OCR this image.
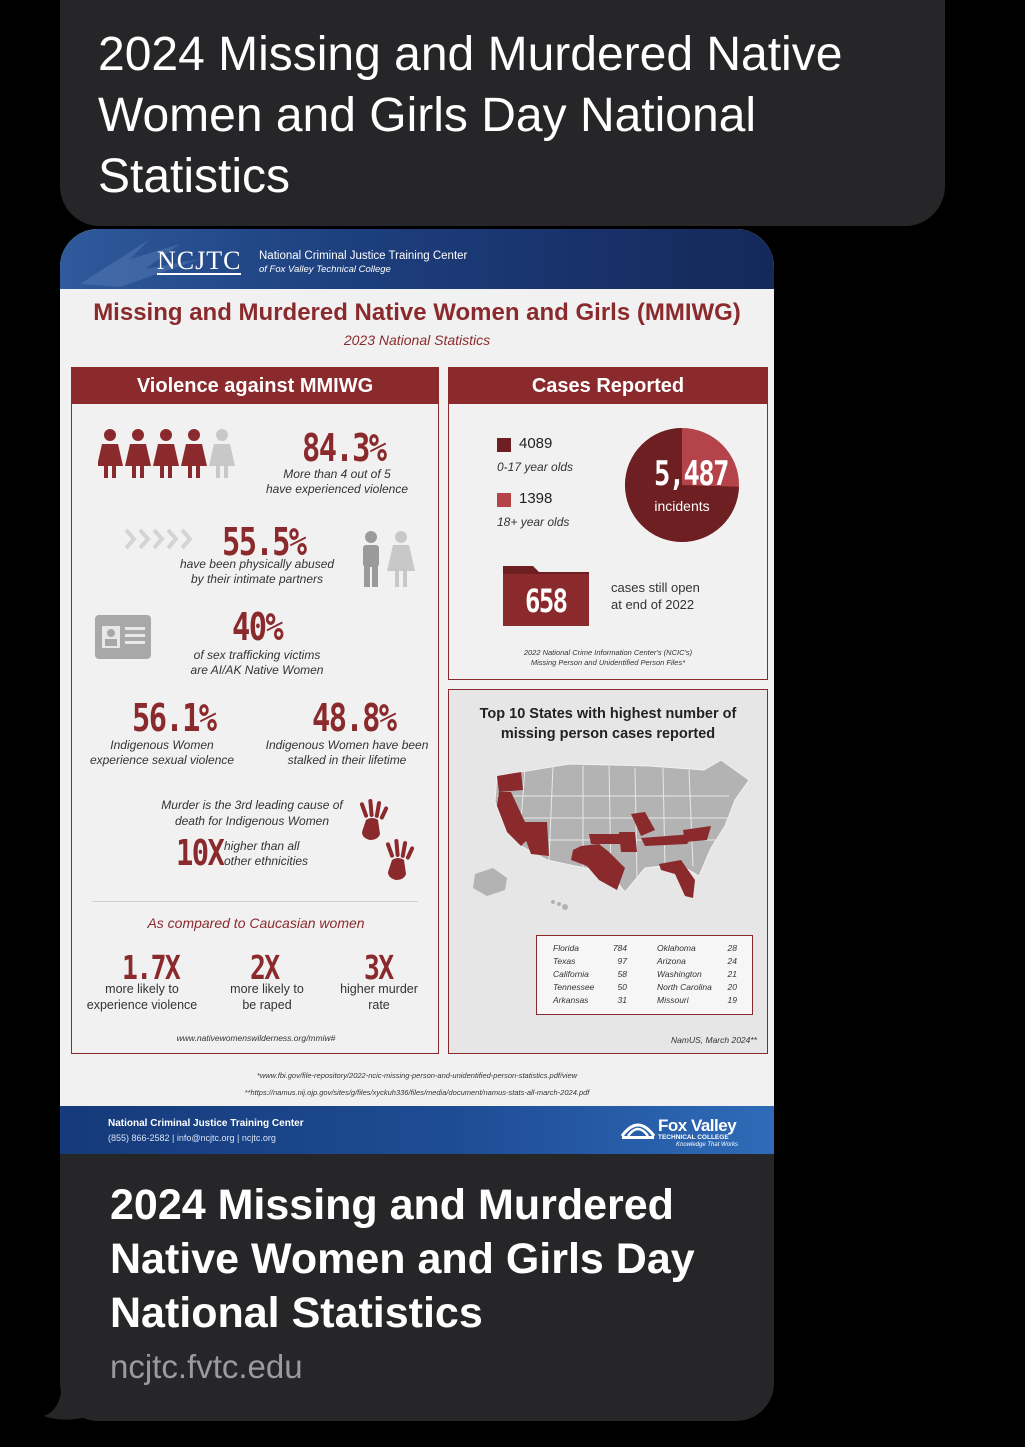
2024 Missing and Murdered Native Women and Girls Day National Statistics
NCJTC National Criminal Justice Training Center
of Fox Valley Technical College
Missing and Murdered Native Women and Girls (MMIWG)
2023 National Statistics
Violence against MMIWG
84.3%
More than 4 out of 5
have experienced violence
55.5%
have been physically abused
by their intimate partners
40%
of sex trafficking victims
are AI/AK Native Women
56.1%
Indigenous Women
experience sexual violence
48.8%
Indigenous Women have been
stalked in their lifetime
Murder is the 3rd leading cause of
death for Indigenous Women
10X higher than all
other ethnicities
As compared to Caucasian women
1.7X
more likely to
experience violence
2X
more likely to
be raped
3X
higher murder
rate
www.nativewomenswilderness.org/mmiw#
Cases Reported
4089
0-17 year olds
1398
18+ year olds
5,487
incidents
658	cases still open
at end of 2022
2022 National Crime Information Center's (NCIC's)
Missing Person and Unidentified Person Files*
Top 10 States with highest number of
missing person cases reported
NamUS, March 2024**
Florida
Texas
California
Tennessee
Arkansas
784
97
58
50
31
Oklahoma
Arizona
Washington
North Carolina
Missouri
28
24
21
20
19
*www.fbi.gov/file-repository/2022-ncic-missing-person-and-unidentified-person-statistics.pdf/view
**https://namus.nij.ojp.gov/sites/g/files/xyckuh336/files/media/document/namus-stats-all-march-2024.pdf
National Criminal Justice Training Center
(855) 866-2582 | info@ncjtc.org | ncjtc.org
Fox Valley
TECHNICAL COLLEGE
Knowledge That Works
2024 Missing and Murdered Native Women and Girls Day National Statistics
ncjtc.fvtc.edu
